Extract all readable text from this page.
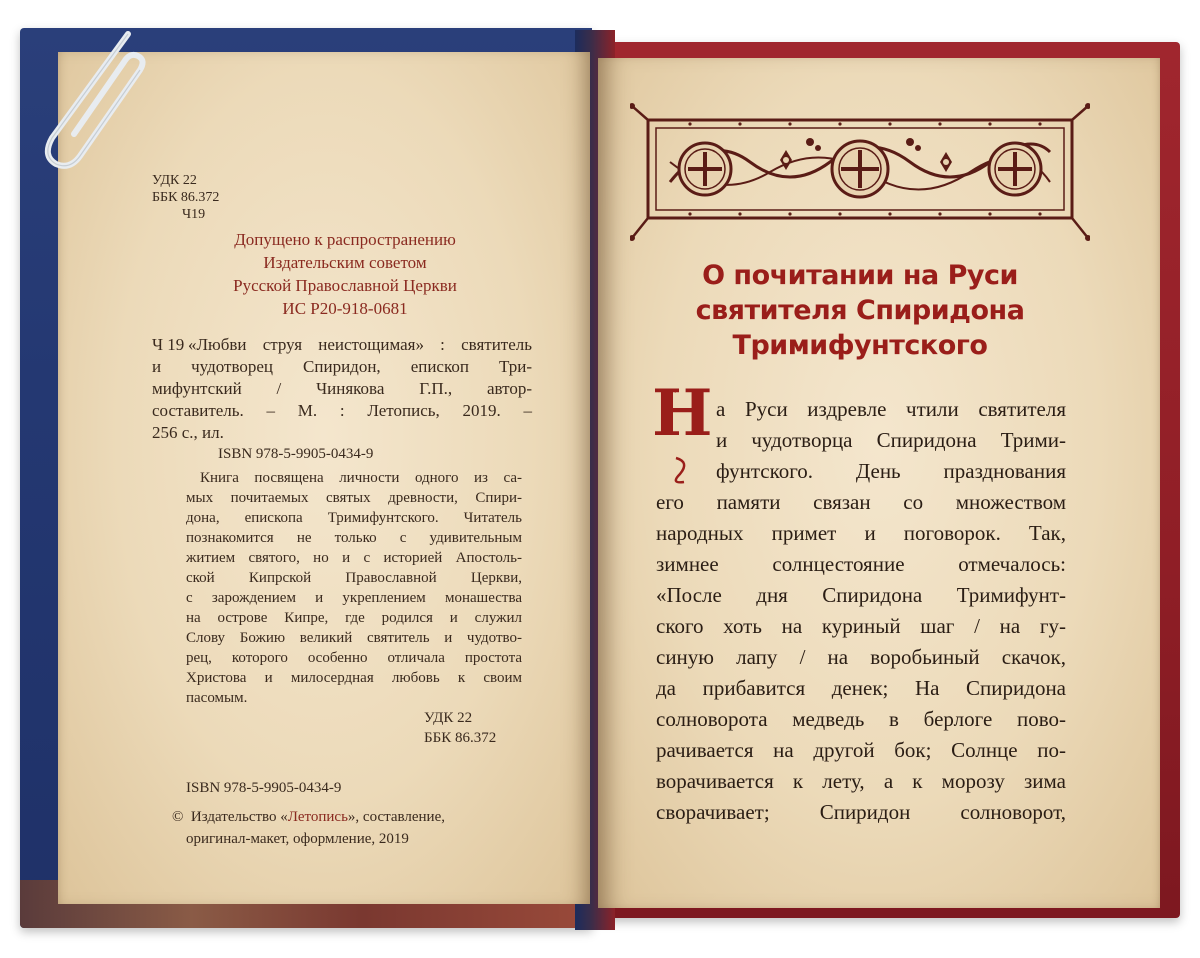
УДК 22
ББК 86.372
Ч19
Допущено к распространению
Издательским советом
Русской Православной Церкви
ИС Р20-918-0681
Ч 19 «Любви струя неистощимая» : святитель
и чудотворец Спиридон, епископ Три-
мифунтский / Чинякова Г.П., автор-
составитель. – М. : Летопись, 2019. –
256 с., ил.
ISBN 978-5-9905-0434-9
Книга посвящена личности одного из са-
мых почитаемых святых древности, Спири-
дона, епископа Тримифунтского. Читатель
познакомится не только с удивительным
житием святого, но и с историей Апостоль-
ской Кипрской Православной Церкви,
с зарождением и укреплением монашества
на острове Кипре, где родился и служил
Слову Божию великий святитель и чудотво-
рец, которого особенно отличала простота
Христова и милосердная любовь к своим
пасомым.
УДК 22
ББК 86.372
ISBN 978-5-9905-0434-9
© Издательство «Летопись», составление,
оригинал-макет, оформление, 2019
О почитании на Руси
святителя Спиридона
Тримифунтского
Н а Руси издревле чтили святителя
и чудотворца Спиридона Трими-
фунтского. День празднования
его памяти связан со множеством
народных примет и поговорок. Так,
зимнее солнцестояние отмечалось:
«После дня Спиридона Тримифунт-
ского хоть на куриный шаг / на гу-
синую лапу / на воробьиный скачок,
да прибавится денек; На Спиридона
солноворота медведь в берлоге пово-
рачивается на другой бок; Солнце по-
ворачивается к лету, а к морозу зима
сворачивает; Спиридон солноворот,
